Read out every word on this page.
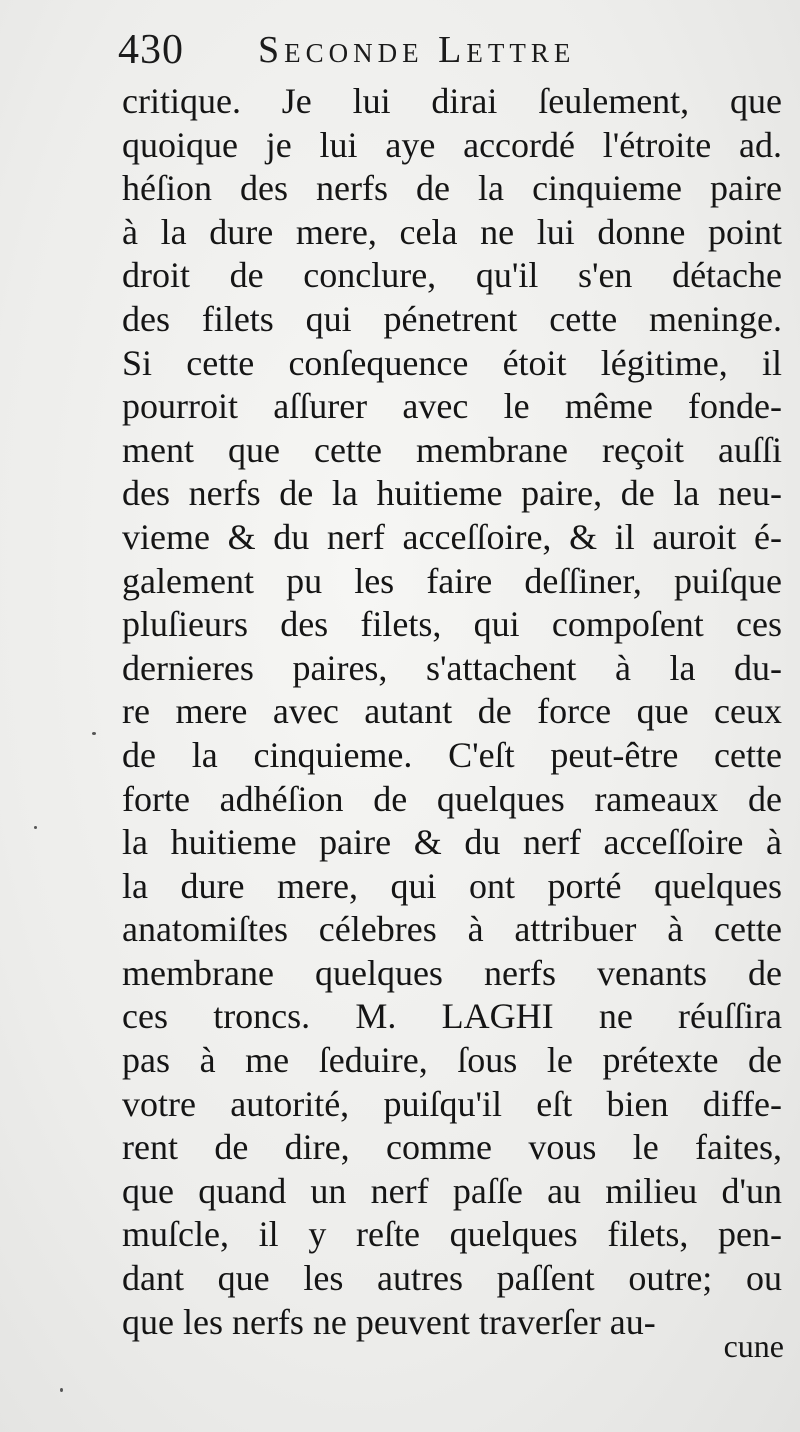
430 Seconde Lettre
critique. Je lui dirai ſeulement, que
quoique je lui aye accordé l'étroite ad.
héſion des nerfs de la cinquieme paire
à la dure mere, cela ne lui donne point
droit de conclure, qu'il s'en détache
des filets qui pénetrent cette meninge.
Si cette conſequence étoit légitime, il
pourroit aſſurer avec le même fonde-
ment que cette membrane reçoit auſſi
des nerfs de la huitieme paire, de la neu-
vieme & du nerf acceſſoire, & il auroit é-
galement pu les faire deſſiner, puiſque
pluſieurs des filets, qui compoſent ces
dernieres paires, s'attachent à la du-
re mere avec autant de force que ceux
de la cinquieme. C'eſt peut-être cette
forte adhéſion de quelques rameaux de
la huitieme paire & du nerf acceſſoire à
la dure mere, qui ont porté quelques
anatomiſtes célebres à attribuer à cette
membrane quelques nerfs venants de
ces troncs. M. LAGHI ne réuſſira
pas à me ſeduire, ſous le prétexte de
votre autorité, puiſqu'il eſt bien diffe-
rent de dire, comme vous le faites,
que quand un nerf paſſe au milieu d'un
muſcle, il y reſte quelques filets, pen-
dant que les autres paſſent outre; ou
que les nerfs ne peuvent traverſer au-
cune
